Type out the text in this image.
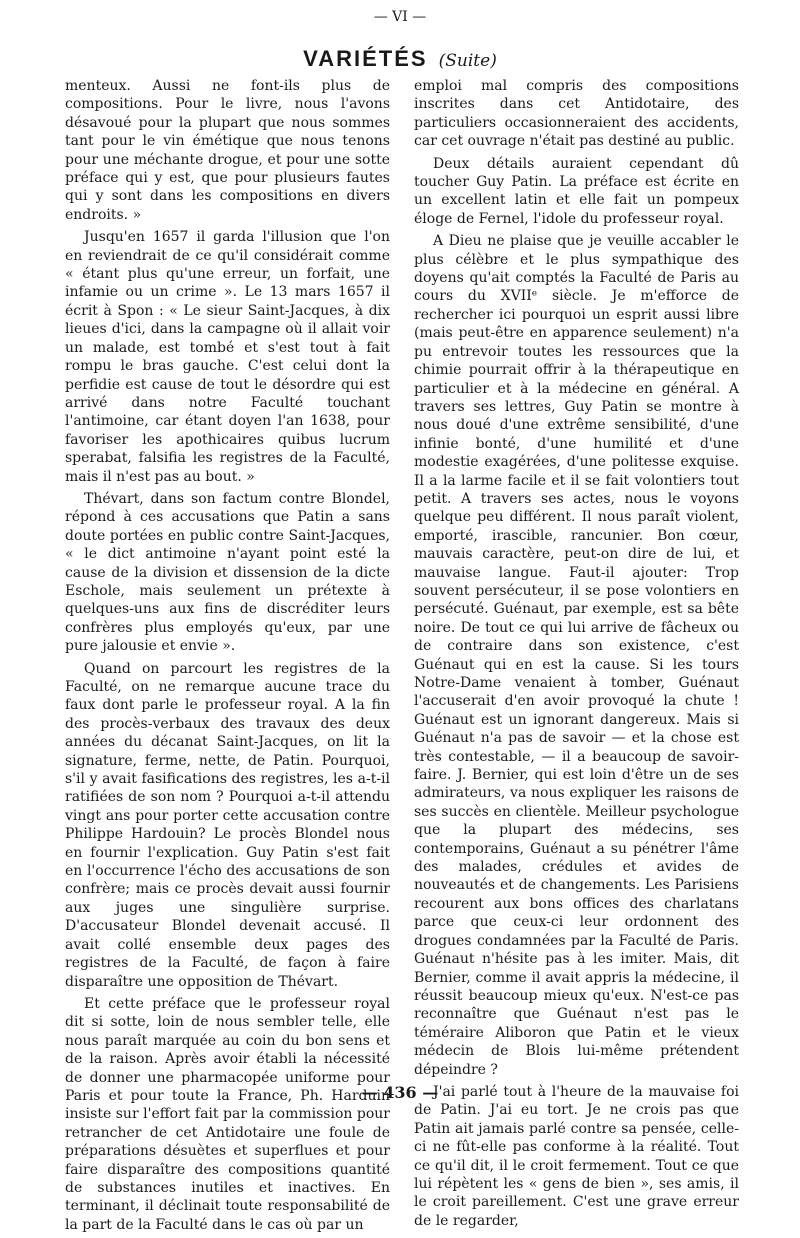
— VI —
VARIÉTÉS (Suite)

menteux. Aussi ne font-ils plus de compositions. Pour le livre, nous l'avons désavoué pour la plupart que nous sommes tant pour le vin émétique que nous tenons pour une méchante drogue, et pour une sotte préface qui y est, que pour plusieurs fautes qui y sont dans les compositions en divers endroits. »

Jusqu'en 1657 il garda l'illusion que l'on en reviendrait de ce qu'il considérait comme « étant plus qu'une erreur, un forfait, une infamie ou un crime ». Le 13 mars 1657 il écrit à Spon : « Le sieur Saint-Jacques, à dix lieues d'ici, dans la campagne où il allait voir un malade, est tombé et s'est tout à fait rompu le bras gauche. C'est celui dont la perfidie est cause de tout le désordre qui est arrivé dans notre Faculté touchant l'antimoine, car étant doyen l'an 1638, pour favoriser les apothicaires quibus lucrum sperabat, falsifia les registres de la Faculté, mais il n'est pas au bout. »

Thévart, dans son factum contre Blondel, répond à ces accusations que Patin a sans doute portées en public contre Saint-Jacques, « le dict antimoine n'ayant point esté la cause de la division et dissension de la dicte Eschole, mais seulement un prétexte à quelques-uns aux fins de discréditer leurs confrères plus employés qu'eux, par une pure jalousie et envie ».

Quand on parcourt les registres de la Faculté, on ne remarque aucune trace du faux dont parle le professeur royal. A la fin des procès-verbaux des travaux des deux années du décanat Saint-Jacques, on lit la signature, ferme, nette, de Patin. Pourquoi, s'il y avait fasifications des registres, les a-t-il ratifiées de son nom ? Pourquoi a-t-il attendu vingt ans pour porter cette accusation contre Philippe Hardouin? Le procès Blondel nous en fournir l'explication. Guy Patin s'est fait en l'occurrence l'écho des accusations de son confrère; mais ce procès devait aussi fournir aux juges une singulière surprise. D'accusateur Blondel devenait accusé. Il avait collé ensemble deux pages des registres de la Faculté, de façon à faire disparaître une opposition de Thévart.

Et cette préface que le professeur royal dit si sotte, loin de nous sembler telle, elle nous paraît marquée au coin du bon sens et de la raison. Après avoir établi la nécessité de donner une pharmacopée uniforme pour Paris et pour toute la France, Ph. Harduin insiste sur l'effort fait par la commission pour retrancher de cet Antidotaire une foule de préparations désuètes et superflues et pour faire disparaître des compositions quantité de substances inutiles et inactives. En terminant, il déclinait toute responsabilité de la part de la Faculté dans le cas où par un

emploi mal compris des compositions inscrites dans cet Antidotaire, des particuliers occasionneraient des accidents, car cet ouvrage n'était pas destiné au public.

Deux détails auraient cependant dû toucher Guy Patin. La préface est écrite en un excellent latin et elle fait un pompeux éloge de Fernel, l'idole du professeur royal.

A Dieu ne plaise que je veuille accabler le plus célèbre et le plus sympathique des doyens qu'ait comptés la Faculté de Paris au cours du XVIIᵉ siècle. Je m'efforce de rechercher ici pourquoi un esprit aussi libre (mais peut-être en apparence seulement) n'a pu entrevoir toutes les ressources que la chimie pourrait offrir à la thérapeutique en particulier et à la médecine en général. A travers ses lettres, Guy Patin se montre à nous doué d'une extrême sensibilité, d'une infinie bonté, d'une humilité et d'une modestie exagérées, d'une politesse exquise. Il a la larme facile et il se fait volontiers tout petit. A travers ses actes, nous le voyons quelque peu différent. Il nous paraît violent, emporté, irascible, rancunier. Bon cœur, mauvais caractère, peut-on dire de lui, et mauvaise langue. Faut-il ajouter: Trop souvent persécuteur, il se pose volontiers en persécuté. Guénaut, par exemple, est sa bête noire. De tout ce qui lui arrive de fâcheux ou de contraire dans son existence, c'est Guénaut qui en est la cause. Si les tours Notre-Dame venaient à tomber, Guénaut l'accuserait d'en avoir provoqué la chute ! Guénaut est un ignorant dangereux. Mais si Guénaut n'a pas de savoir — et la chose est très contestable, — il a beaucoup de savoir-faire. J. Bernier, qui est loin d'être un de ses admirateurs, va nous expliquer les raisons de ses succès en clientèle. Meilleur psychologue que la plupart des médecins, ses contemporains, Guénaut a su pénétrer l'âme des malades, crédules et avides de nouveautés et de changements. Les Parisiens recourent aux bons offices des charlatans parce que ceux-ci leur ordonnent des drogues condamnées par la Faculté de Paris. Guénaut n'hésite pas à les imiter. Mais, dit Bernier, comme il avait appris la médecine, il réussit beaucoup mieux qu'eux. N'est-ce pas reconnaître que Guénaut n'est pas le téméraire Aliboron que Patin et le vieux médecin de Blois lui-même prétendent dépeindre ?

J'ai parlé tout à l'heure de la mauvaise foi de Patin. J'ai eu tort. Je ne crois pas que Patin ait jamais parlé contre sa pensée, celle-ci ne fût-elle pas conforme à la réalité. Tout ce qu'il dit, il le croit fermement. Tout ce que lui répètent les « gens de bien », ses amis, il le croit pareillement. C'est une grave erreur de le regarder,

— 436 —
